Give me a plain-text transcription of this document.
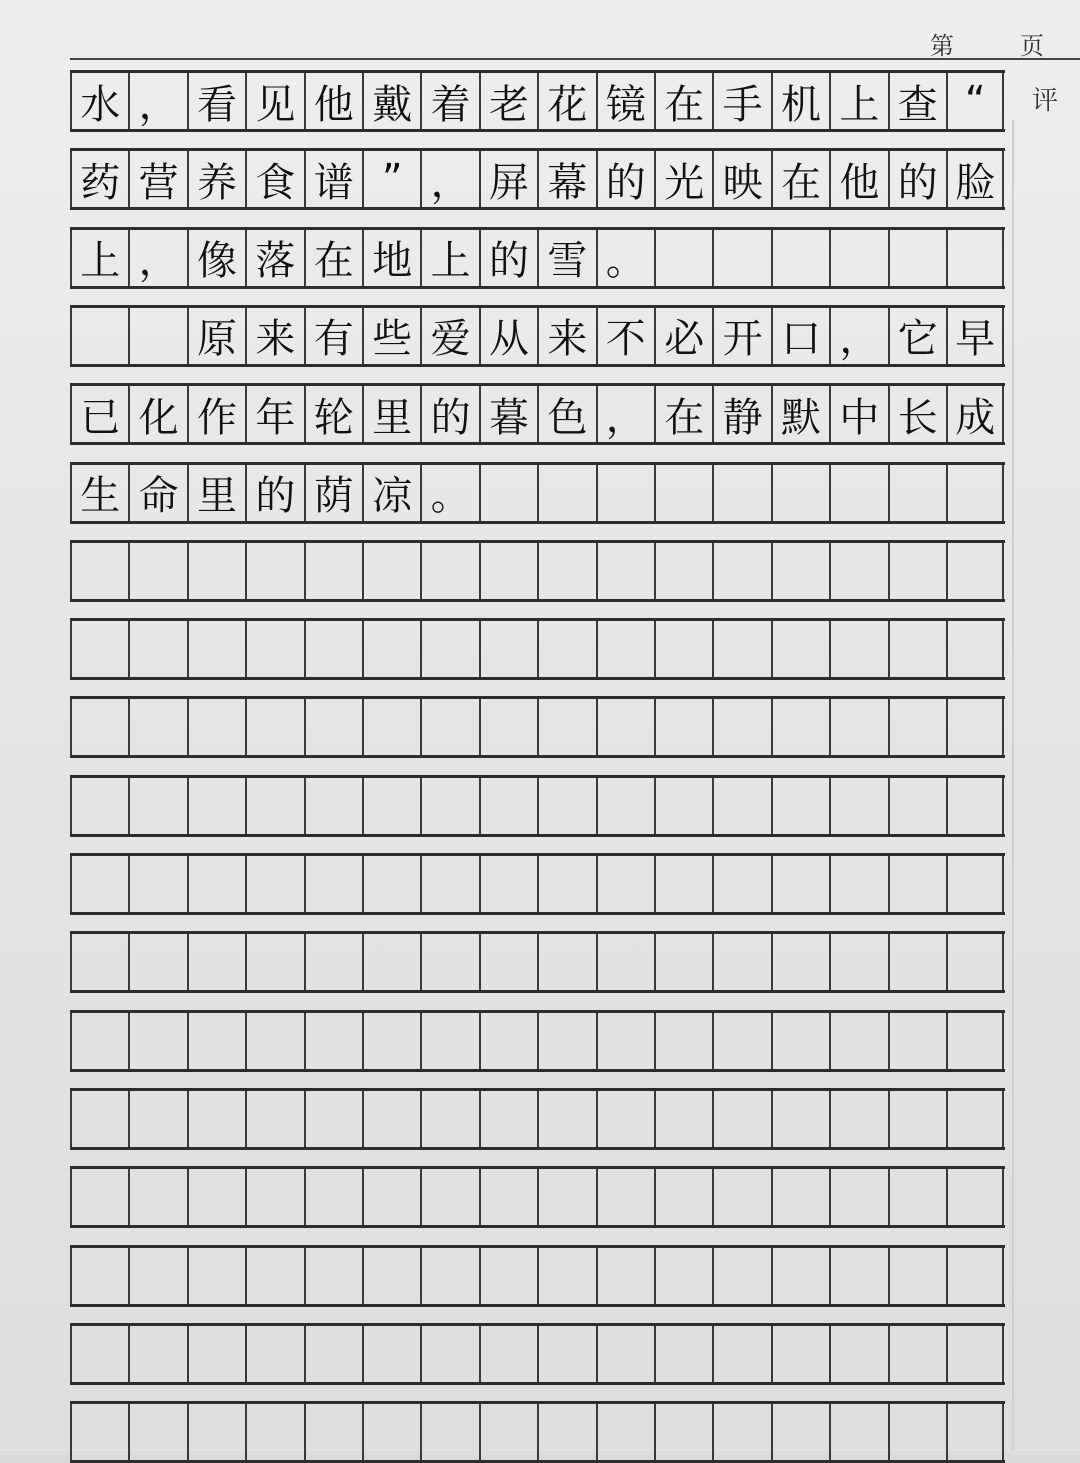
第	页
评
水 ， 看 见 他 戴 着 老 花 镜 在 手 机 上 查 “
药 营 养 食 谱 ” ， 屏 幕 的 光 映 在 他 的 脸
上 ， 像 落 在 地 上 的 雪 。
原 来 有 些 爱 从 来 不 必 开 口 ， 它 早
已 化 作 年 轮 里 的 暮 色 ， 在 静 默 中 长 成
生 命 里 的 荫 凉 。
